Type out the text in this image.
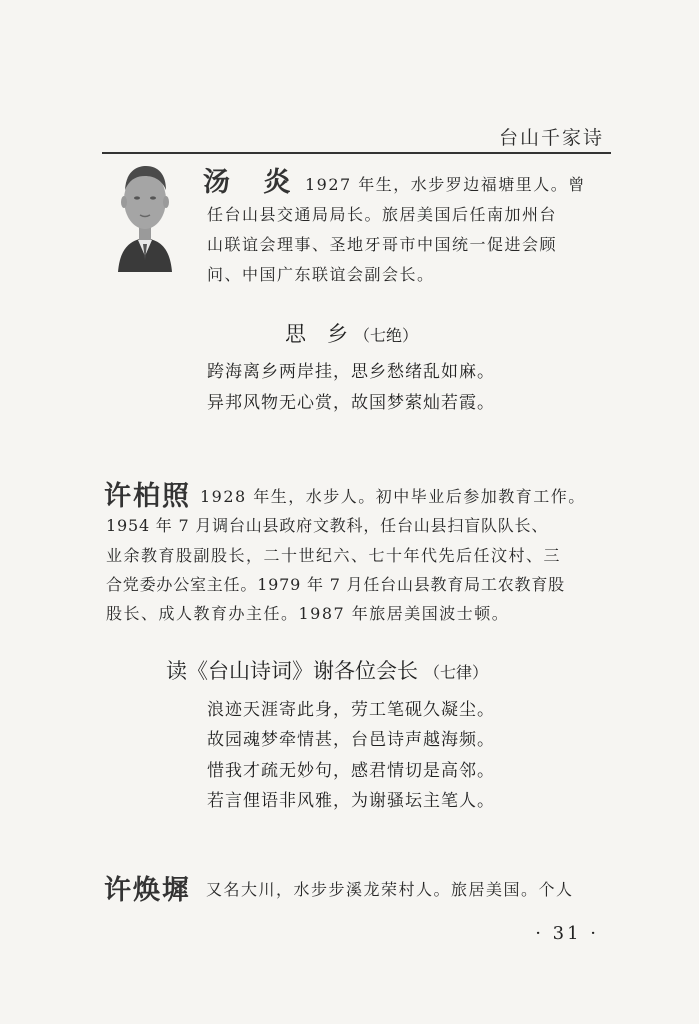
台山千家诗
汤 炎 1927 年生，水步罗边福塘里人。曾
任台山县交通局局长。旅居美国后任南加州台
山联谊会理事、圣地牙哥市中国统一促进会顾
问、中国广东联谊会副会长。
思　乡 （七绝）
跨海离乡两岸挂，思乡愁绪乱如麻。
异邦风物无心赏，故国梦萦灿若霞。
许柏照 1928 年生，水步人。初中毕业后参加教育工作。
1954 年 7 月调台山县政府文教科，任台山县扫盲队队长、
业余教育股副股长，二十世纪六、七十年代先后任汶村、三
合党委办公室主任。1979 年 7 月任台山县教育局工农教育股
股长、成人教育办主任。1987 年旅居美国波士顿。
读《台山诗词》谢各位会长 （七律）
浪迹天涯寄此身，劳工笔砚久凝尘。
故园魂梦牵情甚，台邑诗声越海频。
惜我才疏无妙句，感君情切是高邻。
若言俚语非风雅，为谢骚坛主笔人。
许焕墀 又名大川，水步步溪龙荣村人。旅居美国。个人
· 31 ·
